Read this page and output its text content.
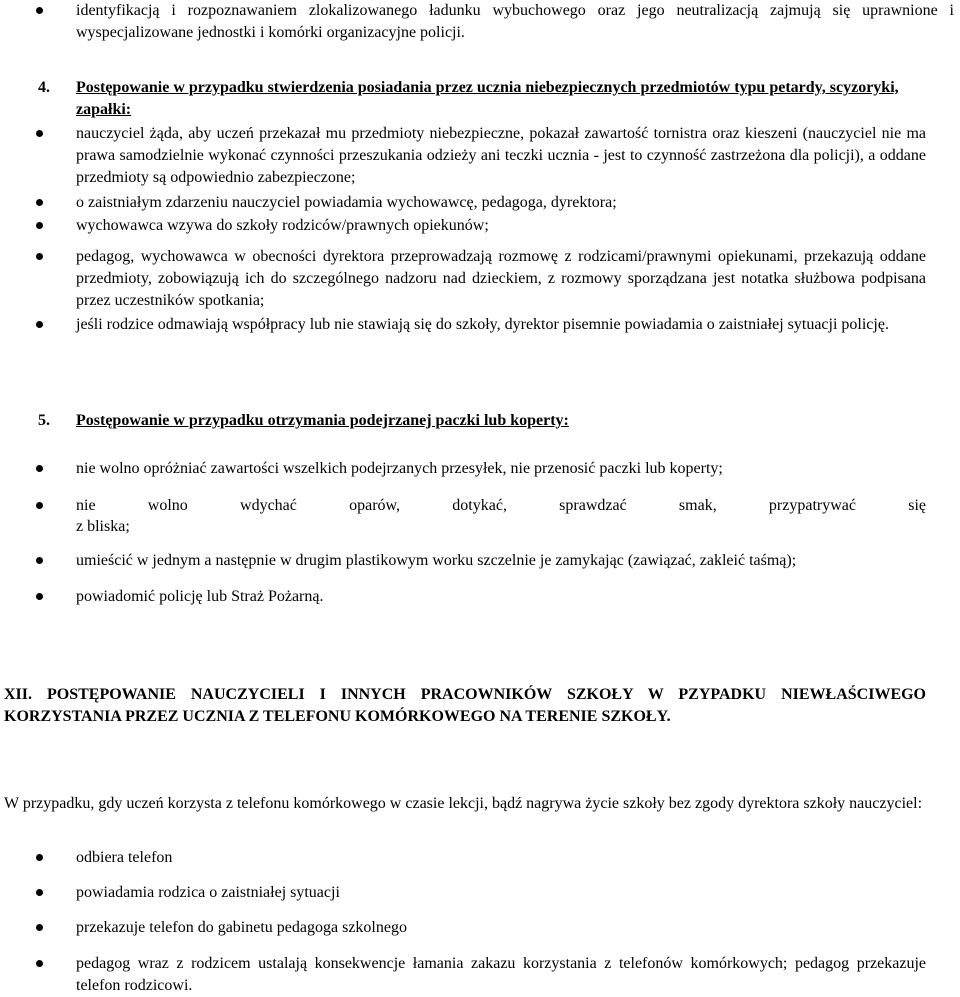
identyfikacją i rozpoznawaniem zlokalizowanego ładunku wybuchowego oraz jego neutralizacją zajmują się uprawnione i wyspecjalizowane jednostki i komórki organizacyjne policji.
4. Postępowanie w przypadku stwierdzenia posiadania przez ucznia niebezpiecznych przedmiotów typu petardy, scyzoryki, zapałki:
nauczyciel żąda, aby uczeń przekazał mu przedmioty niebezpieczne, pokazał zawartość tornistra oraz kieszeni (nauczyciel nie ma prawa samodzielnie wykonać czynności przeszukania odzieży ani teczki ucznia - jest to czynność zastrzeżona dla policji), a oddane przedmioty są odpowiednio zabezpieczone;
o zaistniałym zdarzeniu nauczyciel powiadamia wychowawcę, pedagoga, dyrektora;
wychowawca wzywa do szkoły rodziców/prawnych opiekunów;
pedagog, wychowawca w obecności dyrektora przeprowadzają rozmowę z rodzicami/prawnymi opiekunami, przekazują oddane przedmioty, zobowiązują ich do szczególnego nadzoru nad dzieckiem, z rozmowy sporządzana jest notatka służbowa podpisana przez uczestników spotkania;
jeśli rodzice odmawiają współpracy lub nie stawiają się do szkoły, dyrektor pisemnie powiadamia o zaistniałej sytuacji policję.
5. Postępowanie w przypadku otrzymania podejrzanej paczki lub koperty:
nie wolno opróżniać zawartości wszelkich podejrzanych przesyłek, nie przenosić paczki lub koperty;
nie wolno wdychać oparów, dotykać, sprawdzać smak, przypatrywać się
z bliska;
umieścić w jednym a następnie w drugim plastikowym worku szczelnie je zamykając (zawiązać, zakleić taśmą);
powiadomić policję lub Straż Pożarną.
XII. POSTĘPOWANIE NAUCZYCIELI I INNYCH PRACOWNIKÓW SZKOŁY W PZYPADKU NIEWŁAŚCIWEGO KORZYSTANIA PRZEZ UCZNIA Z TELEFONU KOMÓRKOWEGO NA TERENIE SZKOŁY.
W przypadku, gdy uczeń korzysta z telefonu komórkowego w czasie lekcji, bądź nagrywa życie szkoły bez zgody dyrektora szkoły nauczyciel:
odbiera telefon
powiadamia rodzica o zaistniałej sytuacji
przekazuje telefon do gabinetu pedagoga szkolnego
pedagog wraz z rodzicem ustalają konsekwencje łamania zakazu korzystania z telefonów komórkowych; pedagog przekazuje telefon rodzicowi.
